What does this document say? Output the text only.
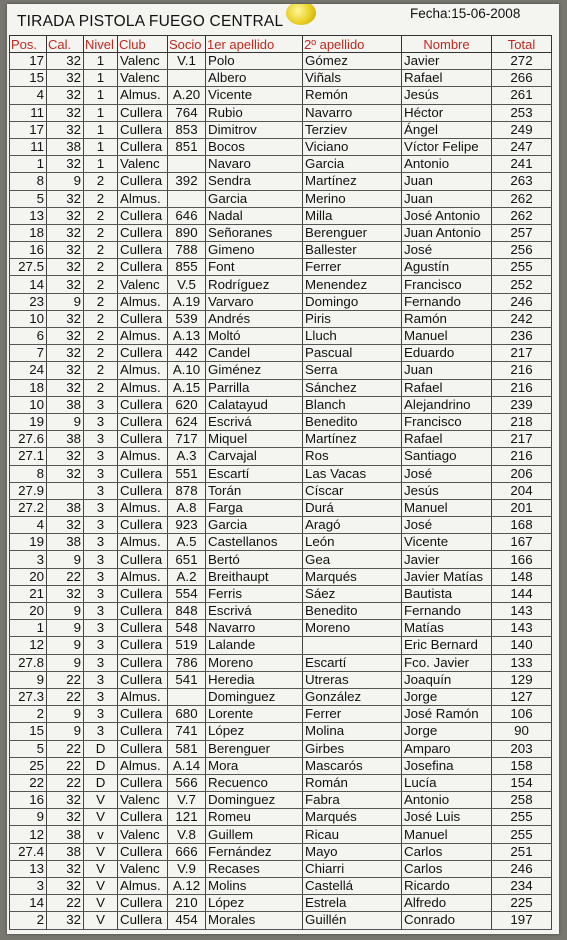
TIRADA PISTOLA FUEGO CENTRAL	Fecha:15-06-2008
Pos.	Cal.	Nivel	Club	Socio	1er apellido	2º apellido	Nombre	Total
17	32	1	Valenc	V.1	Polo	Gómez	Javier	272
15	32	1	Valenc		Albero	Viñals	Rafael	266
4	32	1	Almus.	A.20	Vicente	Remón	Jesús	261
11	32	1	Cullera	764	Rubio	Navarro	Héctor	253
17	32	1	Cullera	853	Dimitrov	Terziev	Ángel	249
11	38	1	Cullera	851	Bocos	Viciano	Víctor Felipe	247
1	32	1	Valenc		Navaro	Garcia	Antonio	241
8	9	2	Cullera	392	Sendra	Martínez	Juan	263
5	32	2	Almus.		Garcia	Merino	Juan	262
13	32	2	Cullera	646	Nadal	Milla	José Antonio	262
18	32	2	Cullera	890	Señoranes	Berenguer	Juan Antonio	257
16	32	2	Cullera	788	Gimeno	Ballester	José	256
27.5	32	2	Cullera	855	Font	Ferrer	Agustín	255
14	32	2	Valenc	V.5	Rodríguez	Menendez	Francisco	252
23	9	2	Almus.	A.19	Varvaro	Domingo	Fernando	246
10	32	2	Cullera	539	Andrés	Piris	Ramón	242
6	32	2	Almus.	A.13	Moltó	Lluch	Manuel	236
7	32	2	Cullera	442	Candel	Pascual	Eduardo	217
24	32	2	Almus.	A.10	Giménez	Serra	Juan	216
18	32	2	Almus.	A.15	Parrilla	Sánchez	Rafael	216
10	38	3	Cullera	620	Calatayud	Blanch	Alejandrino	239
19	9	3	Cullera	624	Escrivá	Benedito	Francisco	218
27.6	38	3	Cullera	717	Miquel	Martínez	Rafael	217
27.1	32	3	Almus.	A.3	Carvajal	Ros	Santiago	216
8	32	3	Cullera	551	Escartí	Las Vacas	José	206
27.9		3	Cullera	878	Torán	Císcar	Jesús	204
27.2	38	3	Almus.	A.8	Farga	Durá	Manuel	201
4	32	3	Cullera	923	Garcia	Aragó	José	168
19	38	3	Almus.	A.5	Castellanos	León	Vicente	167
3	9	3	Cullera	651	Bertó	Gea	Javier	166
20	22	3	Almus.	A.2	Breithaupt	Marqués	Javier Matías	148
21	32	3	Cullera	554	Ferris	Sáez	Bautista	144
20	9	3	Cullera	848	Escrivá	Benedito	Fernando	143
1	9	3	Cullera	548	Navarro	Moreno	Matías	143
12	9	3	Cullera	519	Lalande		Eric Bernard	140
27.8	9	3	Cullera	786	Moreno	Escartí	Fco. Javier	133
9	22	3	Cullera	541	Heredia	Utreras	Joaquín	129
27.3	22	3	Almus.		Dominguez	González	Jorge	127
2	9	3	Cullera	680	Lorente	Ferrer	José Ramón	106
15	9	3	Cullera	741	López	Molina	Jorge	90
5	22	D	Cullera	581	Berenguer	Girbes	Amparo	203
25	22	D	Almus.	A.14	Mora	Mascarós	Josefina	158
22	22	D	Cullera	566	Recuenco	Román	Lucía	154
16	32	V	Valenc	V.7	Dominguez	Fabra	Antonio	258
9	32	V	Cullera	121	Romeu	Marqués	José Luis	255
12	38	v	Valenc	V.8	Guillem	Ricau	Manuel	255
27.4	38	V	Cullera	666	Fernández	Mayo	Carlos	251
13	32	V	Valenc	V.9	Recases	Chiarri	Carlos	246
3	32	V	Almus.	A.12	Molins	Castellá	Ricardo	234
14	22	V	Cullera	210	López	Estrela	Alfredo	225
2	32	V	Cullera	454	Morales	Guillén	Conrado	197
